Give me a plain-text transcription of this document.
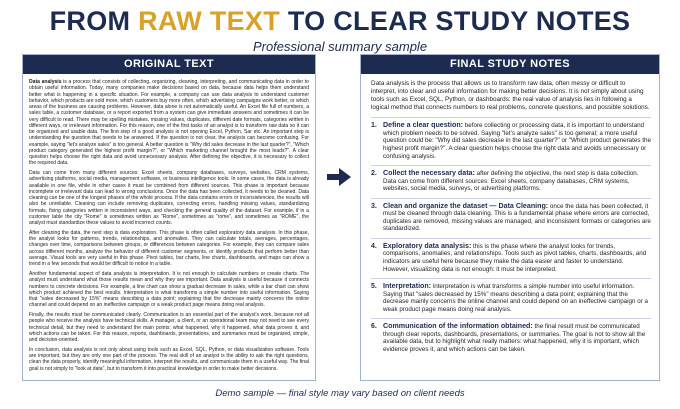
FROM RAW TEXT TO CLEAR STUDY NOTES
Professional summary sample
ORIGINAL TEXT

Data analysis is a process that consists of collecting, organizing, cleaning, interpreting, and communicating data in order to obtain useful information. Today, many companies make decisions based on data, because data helps them understand better what is happening in a specific situation. For example, a company can use data analysis to understand customer behavior, which products are sold more, which customers buy more often, which advertising campaigns work better, or which areas of the business are causing problems. However, data alone is not automatically useful. An Excel file full of numbers, a sales table, a customer database, or a report exported from a system can give immediate answers and sometimes it can be very difficult to read. There may be spelling mistakes, missing values, duplicates, different date formats, categories written in different ways, or irrelevant information. For this reason, one of the first tasks of an analyst is to transform raw data so it can be organized and usable data. The first step of a good analysis is not opening Excel, Python, Sar etc. An important step is understanding the question that needs to be answered. If the question is not clear, the analysis can become confusing. For example, saying "let's analyze sales" is too general. A better question is "Why did sales decrease in the last quarter?", "Which product category generated the highest profit margin?", or "Which marketing channel brought the most leads?". A clear question helps choose the right data and avoid unnecessary analysis. After defining the objective, it is necessary to collect the required data.

Data can come from many different sources: Excel sheets, company databases, surveys, websites, CRM systems, advertising platforms, social media, management software, or business intelligence tools. In some cases, the data is already available in one file, while in other cases it must be combined from different sources. This phase is important because incomplete or irrelevant data can lead to wrong conclusions. Once the data has been collected, it needs to be cleaned. Data cleaning can be one of the longest phases of the whole process. If the data contains errors or inconsistencies, the results will also be unreliable. Cleaning can include removing duplicates, correcting errors, handling missing values, standardizing formats, fixing categories written in inconsistent ways, and checking the general quality of the dataset. For example, if in a customer table the city "Rome" is sometimes written as "Rome", sometimes as "rome", and sometimes as "ROME", the analyst must standardize these values to avoid incorrect counts.

After cleaning the data, the next step is data exploration. This phase is often called exploratory data analysis. In this phase, the analyst looks for patterns, trends, relationships, and anomalies. They can calculate totals, averages, percentages, changes over time, comparisons between groups, or differences between categories. For example, they can compare sales across different months, analyze the behavior of different customer segments, or identify products that perform better than average. Visual tools are very useful in this phase. Pivot tables, bar charts, line charts, dashboards, and maps can show a trend in a few seconds that would be difficult to notice in a table.

Another fundamental aspect of data analysis is interpretation. It is not enough to calculate numbers or create charts. The analyst must understand what those results mean and why they are important. Data analysis is useful because it connects numbers to concrete decisions. For example, a line chart can show a gradual decrease in sales, while a bar chart can show which product achieved the best results. Interpretation is what transforms a simple number into useful information. Saying that "sales decreased by 15%" means describing a data point; explaining that the decrease mainly concerns the online channel and could depend on an ineffective campaign or a weak product page means doing real analysis.

Finally, the results must be communicated clearly. Communication is an essential part of the analyst's work, because not all people who receive the analysis have technical skills. A manager, a client, or an operational team may not need to see every technical detail, but they need to understand the main points: what happened, why it happened, what data proves it, and which actions can be taken. For this reason, reports, dashboards, presentations, and summaries must be organized, simple, and decision-oriented.

In conclusion, data analysis is not only about using tools such as Excel, SQL, Python, or data visualization software. Tools are important, but they are only one part of the process. The real skill of an analyst is the ability to ask the right questions, clean the data properly, identify meaningful information, interpret the results, and communicate them in a useful way. The final goal is not simply to "look at data", but to transform it into practical knowledge in order to make better decisions.

FINAL STUDY NOTES

Data analysis is the process that allows us to transform raw data, often messy or difficult to interpret, into clear and useful information for making better decisions. It is not simply about using tools such as Excel, SQL, Python, or dashboards: the real value of analysis lies in following a logical method that connects numbers to real problems, concrete questions, and possible solutions.

1. Define a clear question: before collecting or processing data, it is important to understand which problem needs to be solved. Saying "let's analyze sales" is too general; a more useful question could be: "Why did sales decrease in the last quarter?" or "Which product generates the highest profit margin?". A clear question helps choose the right data and avoids unnecessary or confusing analysis.
2. Collect the necessary data: after defining the objective, the next step is data collection. Data can come from different sources: Excel sheets, company databases, CRM systems, websites, social media, surveys, or advertising platforms.
3. Clean and organize the dataset — Data Cleaning: once the data has been collected, it must be cleaned through data cleaning. This is a fundamental phase where errors are corrected, duplicates are removed, missing values are managed, and inconsistent formats or categories are standardized.
4. Exploratory data analysis: this is the phase where the analyst looks for trends, comparisons, anomalies, and relationships. Tools such as pivot tables, charts, dashboards, and indicators are useful here because they make the data easier and faster to understand. However, visualizing data is not enough: it must be interpreted.
5. Interpretation: interpretation is what transforms a simple number into useful information. Saying that "sales decreased by 15%" means describing a data point; explaining that the decrease mainly concerns the online channel and could depend on an ineffective campaign or a weak product page means doing real analysis.
6. Communication of the information obtained: the final result must be communicated through clear reports, dashboards, presentations, or summaries. The goal is not to show all the available data, but to highlight what really matters: what happened, why it is important, which evidence proves it, and which actions can be taken.
Demo sample — final style may vary based on client needs
